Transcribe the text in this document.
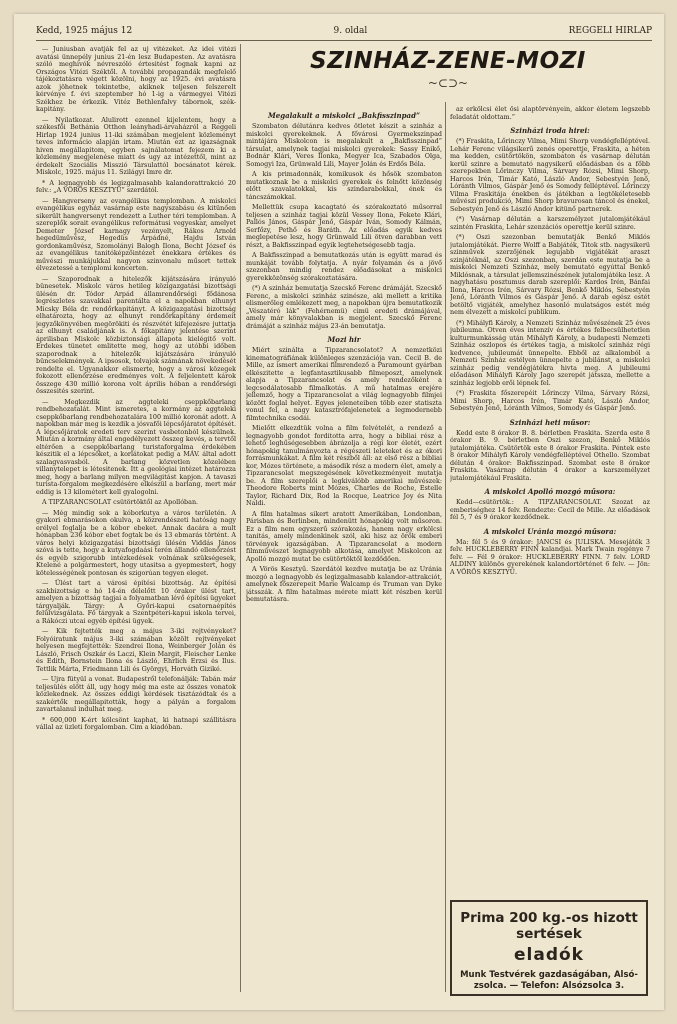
Kedd, 1925 május 12	9. oldal	REGGELI HIRLAP
SZINHÁZ-ZENE-MOZI
~⊂⊃~

— Juniusban avatják fel az uj vitézeket. Az idei vitézi avatási ünnepély junius 21-én lesz Budapesten. Az avatásra szóló meghivók névreszóló értesitést fognak kapni az Országos Vitézi Széktől. A további propagandák megfelelő tájékoztatásra végett közölni, hogy az 1925. évi avatásra azok jöhetnek tekintetbe, akiknek teljesen felszerelt kérvénye f. évi szeptember hó 1-ig a vármegyei Vitézi Székhez be érkezik. Vitéz Bethlenfalvy tábornok, szék-kapitány.

— Nyilatkozat. Alulirott ezennel kijelentem, hogy a székesfői Bethánia Otthon leányhadi-árvaházról a Reggeli Hirlap 1924 junius 11-iki számában megjelent közleményt teves informácio alapján irtam. Miután ezt az igazságnak hiven megállapitom, egyben sajnálatomat fejezem ki a közlemény megjelenése miatt és ugy az intézettől, mint az érdekelt Szociális Misszió Társulattól bocsánatot kérek. Miskolc, 1925. május 11. Szilágyi Imre dr.

* A legnagyobb és legizgalmasabb kalandorattrakció 20 felv.: „A VÖRÖS KESZTYŰ” szerdától.

— Hangverseny az evangélikus templomban. A miskolci evangélikus egyház vasárnap este nagyszabásu és kitünően sikerült hangversenyt rendezett a Luther téri templomban. A szereplők sorait evangélikus reformátusi vegyeskar, amelyet Demeter József karnagy vezényelt, Rákos Arnold hegedüművész, Hegedüs Árpádné, Hajdu István gordonkaművész, Szomolányi Balogh Ilona, Becht József és az evangélikus tanitóképzőintézet énekkara értékes és művészi munkájukkal nagyon szinvonalu műsort tettek élvezetessé a templomi koncerten.

— Szaporodnak a hitelezők kijátszására irányuló bünesetek. Miskolc város hetileg közigazgatási bizottsági ülésén dr. Tódor Arpád államrendőrségi fődánosa legrészletes szavakkal parentálta el a napokban elhunyt Micsky Béla dr. rendőrkapitányt. A közigazgatási bizottság elhatározta, hogy az elhunyt rendőrkapitány érdemeit jegyzőkönyvében megörökiti és részvétét kifejezésre juttatja az elhunyt családjának is. A főkapitány jelentése szerint áprilisban Miskolc közbiztonsági állapota kielégitő volt. Erdekes tünetet emlitette meg, hogy az utóbbi időben szaporodnak a hitelezők kijátszására irányuló büncselekmények. A ipsosok, tolvajok számának növekedését rendelte el. Ugyanakkor elismerte, hogy a városi közegek fokozott ellenőrzése eredményes volt. A feljelentett károk összege 430 millió korona volt április hóban a rendőrségi összesités szerint.

— Megkezdik az aggteleki cseppkőbarlang rendbehozatalát. Mint ismeretes, a kormány az aggteleki cseppkőbarlang rendbehozatalára 100 millió koronát adott. A napokban már meg is kezdik a jósvafői lépcsőjáratot építését. A lépcsőjáratok eredeti terv szerint vasbetonból készülnek. Miután a kormány által engedélyezett összeg kevés, a tervtől eltérően a cseppkőbarlang turistaforgalma érdekében készitik el a lépcsőket, a korlátokat pedig a MÁV. által adott szalagvasvasból. A barlang közvetlen közelében villanytelepet is létesitenek. Itt a geológiai intézet határozza meg, hogy a barlang milyen megvilágitást kapjon. A tavaszi turista-forgalom megkezdésére elkészül a barlang, mert már eddig is 13 kilométert kell gyalogolni.

A TIPZARANCSOLAT csütörtöktől az Apollóban.

— Még mindig sok a kóborkutya a város területén. A gyakori ebmarásokon okulva, a közrendészeti hatóság nagy erélyel foglalja be a kóbor ebeket. Annak dacára a mult hónapban 236 kóbor ebet fogtak be és 13 ebmarás történt. A város helyi közigazgatási bizottsági ülésén Viddás János szóvá is tette, hogy a kutyafogdaási terén állandó ellenőrzést és egyéb szigorubb intézkedések volnának szükségesek, Ktelené a polgármestert, hogy utasitsa a gyepmestert, hogy kötelességének pontosan és szigorúan tegyen eleget.

— Ülést tart a városi építési bizottság. Az építési szakbizottság e hó 14-én délelőtt 10 órakor ülést tart, amelyen a bizottság tagjai a folyamatban lévő építési ügyeket tárgyalják. Tárgy: A Győri-kapui csatornaépítés felülvizsgálata. Fő tárgyak a Szentpéteri-kapui iskola tervei, a Rákóczi utcai egyéb építési ügyek.

— Kik fejtették meg a május 3-iki rejtvényeket? Folyóiratunk május 3-iki számában közölt rejtvényeket helyesen megfejtették: Szendrei Ilona, Weinberger Jolán és László, Frisch Oszkár és Laczi, Klein Margit, Fleischer Lenke és Edith, Bornstein Ilona és László, Ehrlich Erzsi és Ilus. Tettlik Márta, Friedmann Lili és Györgyi, Horváth Giziké.

— Ujra fütyül a vonat. Budapestről telefonálják: Tabán már teljesülés előtt áll, ugy hogy még ma este az összes vonatok közlekednek. Az összes eddigi kérdések tisztázódtak és a szakértők megállapitották, hogy a pályán a forgalom zavartalanul indulhat meg.

* 600,000 K-ért kölcsönt kaphat, ki hatnapi szállitásra vállal az üzleti forgalomban. Cim a kiadóban.

Megalakult a miskolci „Bakfisszinpad”

Szombaton délutánra kedves ötletet készit a szinház a miskolci gyerekeknek. A fővárosi Gyermekszinpad mintájára Miskolcon is megalakult a „Bakfisszinpad” társulat, amelynek tagjai miskolci gyerekek: Sassy Enikő, Bodnár Klári, Veres Ilonka, Megyer Ica, Szabados Olga, Somogyi Iza, Grünwald Lili, Mayer Jolán és Erdős Béla.

A kis primadonnák, komikusok és hősök szombaton mutatkoznak be a miskolci gyerekek és felnőtt közönség előtt szavalatokkal, kis szindarabokkal, ének és táncszámokkal.

Mellettük csupa kacagtató és szórakoztató műsorral teljesen a szinház tagjai közül Vessey Ilona, Fekete Klári, Pallós János, Gáspár Jenő, Gáspár Iván, Somody Kálmán, Serfőzy, Pethő és Baráth. Az előadás egyik kedves meglepetése lesz, hogy Grünwald Lili ötven darabban vett részt, a Bakfisszinpad egyik legtehetségesebb tagja.

A Bakfisszinpad a bemutatkozás után is együtt marad és munkáját tovább folytatja. A nyár folyamán és a jövő szezonban mindig rendez előadásokat a miskolci gyerekközönség szórakoztatására.

(*) A szinház bemutatja Szecskő Ferenc drámáját. Szecskő Ferenc, a miskolci szinház szinésze, aki mellett a kritika elismerőleg emlékezett meg, a napokban újra bemutatkozik „Vészatéró lák” (Fehérnemü) cimü eredeti drámájával, amely már könyvalakban is megjelent. Szecskő Ferenc drámáját a szinház május 23-án bemutatja.

Mozi hir

Miért szinálta a Tipzarancsolatot? A nemzetközi kinematográfiának különleges szenzációja van. Cecil B. de Mille, az ismert amerikai filmrendező a Paramount gyárban elkészitette a legfantasztikusabb filmeposzt, amelynek alapja a Tipzarancsolat és amely rendezőként a legcsodálatosabb filmalkotás. A mű hatalmas erejére jellemző, hogy a Tipzarancsolat a világ legnagyobb filmjei között foglal helyet. Egyes jeleneteiben több ezer statiszta vonul fel, a nagy katasztrófajelenetek a legmodernebb filmtechnika csodái.

Mielőtt elkezdtük volna a film felvételét, a rendező a legnagyobb gondot forditotta arra, hogy a bibliai rész a lehető leghűségesebben ábrázolja a régi kor életét, ezért hónapokig tanulmányozta a régészeti leleteket és az ókori forrásmunkákat. A film két részből áll: az első rész a bibliai kor, Mózes története, a második rész a modern élet, amely a Tipzarancsolat megszegésének következményeit mutatja be. A film szereplői a legkiválóbb amerikai művészek: Theodore Roberts mint Mózes, Charles de Roche, Estelle Taylor, Richard Dix, Rod la Rocque, Leatrice Joy és Nita Naldi.

A film hatalmas sikert aratott Amerikában, Londonban, Párisban és Berlinben, mindenütt hónapokig volt műsoron. Ez a film nem egyszerű szórakozás, hanem nagy erkölcsi tanitás, amely mindenkinek szól, aki hisz az örök emberi törvények igazságában. A Tipzarancsolat a modern filmművészet legnagyobb alkotása, amelyet Miskolcon az Apolló mozgó mutat be csütörtöktől kezdődően.

A Vörös Kesztyű. Szerdától kezdve mutatja be az Uránia mozgó a legnagyobb és legizgalmasabb kalandor-attrakciót, amelynek főszerepeit Marie Walcamp és Truman van Dyke játsszák. A film hatalmas mérete miatt két részben kerül bemutatásra.

az erkölcsi élet ősi alaptörvényein, akkor életem legszebb feladatát oldottam.”

Szinházi iroda hirei:

(*) Fraskita, Lőrinczy Vilma, Mimi Shorp vendégfelléptével. Lehár Ferenc világsikerű zenés operettje, Fraskita, a héten ma kedden, csütörtökön, szombaton és vasárnap délután kerül szinre a bemutató nagysikerű előadásban és a főbb szerepekben Lőrinczy Vilma, Sárvary Rózsi, Mimi Shorp, Harcos Irén, Timár Kató, László Andor, Sebestyén Jenő, Lóránth Vilmos, Gáspár Jenő és Somody felléptével. Lőrinczy Vilma Fraskitája énekben és játékban a legtökéletesebb művészi produkció, Mimi Shorp bravurosan táncol és énekel, Sebestyén Jenő és László Andor kitünő partnerek.

(*) Vasárnap délután a karszemélyzet jutalomjátékául szintén Fraskita, Lehár szenzációs operettje kerül szinre.

(*) Oszi szezonban bemutatják Benkő Miklós jutalomjátékát. Pierre Wolff a Babjáték, Titok stb. nagysikerü szinművek szerzőjének legujabb vigjátékát araszt szinjátéknál, az Oszi szezonban, szerdán este mutatja be a miskolci Nemzeti Szinház, mely bemutató egyúttal Benkő Miklósnak, a társulat jellemszinészének jutalomjátéka lesz. A nagyhatásu posztumus darab szereplői: Kardos Irén, Bánfai Ilona, Harcos Irén, Sárvary Rózsi, Benkő Miklós, Sebestyén Jenő, Lóránth Vilmos és Gáspár Jenő. A darab egész estét betöltő vigjáték, amelyhez hasonló mulatságos estét még nem élvezett a miskolci publikum.

(*) Mihályfi Károly, a Nemzeti Szinház művészének 25 éves jubileuma. Otven éves intenzív és értékes felbecsülhetetlen kulturmunkásság után Mihályfi Károly, a budapesti Nemzeti Szinház oszlopos és értékes tagja, a miskolci szinház régi kedvence, jubileumát ünnepelte. Ebből az alkalomból a Nemzeti Szinház estélyen ünnepelte a jubilánst, a miskolci szinház pedig vendégjátékra hivta meg. A jubileumi előadáson Mihályfi Károly Jago szerepét játssza, mellette a szinház legjobb erői lépnek fel.

(*) Fraskita főszerepéit Lőrinczy Vilma, Sárvary Rózsi, Mimi Shorp, Harcos Irén, Timár Kató, László Andor, Sebestyén Jenő, Lóránth Vilmos, Somody és Gáspár Jenő.

Szinházi heti műsor:

Kedd este 8 órakor B. 8. bérletben Fraskita. Szerda este 8 órakor B. 9. bérletben Oszi szezon, Benkő Miklós jutalomjátéka. Csütörtök este 8 órakor Fraskita. Péntek este 8 órakor Mihályfi Károly vendégfelléptével Othello. Szombat délután 4 órakor: Bakfisszinpad. Szombat este 8 órakor Fraskita. Vasárnap délután 4 órakor a karszemélyzet jutalomjátékául Fraskita.

A miskolci Apolló mozgó műsora:

Kedd—csütörtök.: A TIPZARANCSOLAT. Szozat az emberiséghez 14 felv. Rendezte: Cecil de Mille. Az előadások fél 5, 7 és 9 órakor kezdődnek.

A miskolci Uránia mozgó műsora:

Ma: fél 5 és 9 órakor: JANCSI és JULISKA. Mesejáték 3 felv. HUCKLEBERRY FINN kalandjai. Mark Twain regénye 7 felv. — Fél 9 órakor: HUCKLEBERRY FINN. 7 felv. LORD ALDINY különös gyerekének kalandortörténet 6 felv. — Jön: A VÖRÖS KESZTYŰ.

Prima 200 kg.-os hizott sertések
eladók
Munk Testvérek gazdaságában, Alsó-
zsolca. — Telefon: Alsózsolca 3.
